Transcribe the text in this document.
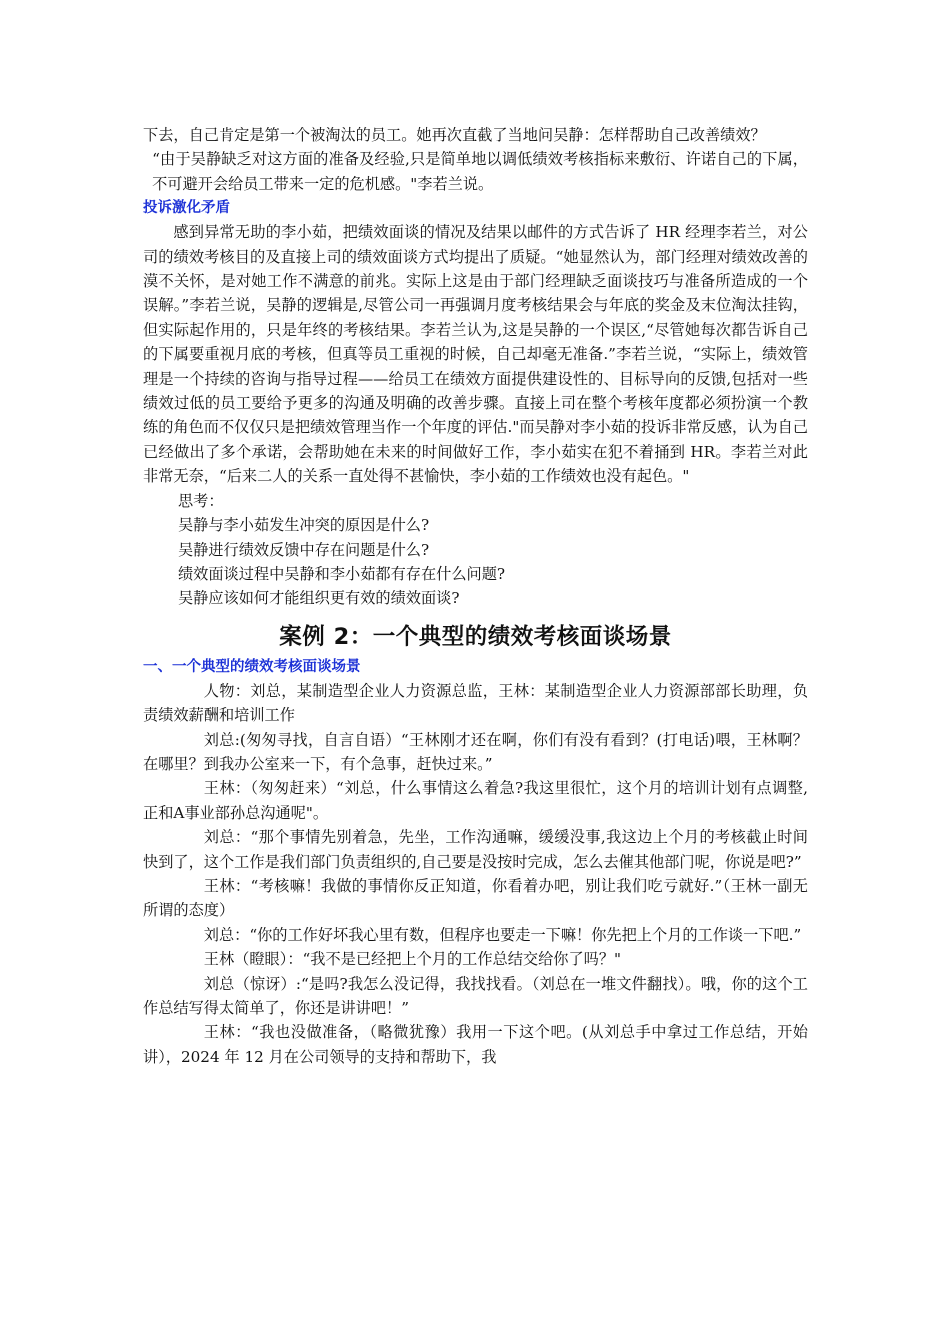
下去，自己肯定是第一个被淘汰的员工。她再次直截了当地问吴静：怎样帮助自己改善绩效？

“由于吴静缺乏对这方面的准备及经验,只是简单地以调低绩效考核指标来敷衍、许诺自己的下属，不可避开会给员工带来一定的危机感。"李若兰说。

投诉激化矛盾

感到异常无助的李小茹，把绩效面谈的情况及结果以邮件的方式告诉了 HR 经理李若兰，对公司的绩效考核目的及直接上司的绩效面谈方式均提出了质疑。“她显然认为，部门经理对绩效改善的漠不关怀，是对她工作不满意的前兆。实际上这是由于部门经理缺乏面谈技巧与准备所造成的一个误解。”李若兰说，吴静的逻辑是,尽管公司一再强调月度考核结果会与年底的奖金及末位淘汰挂钩，但实际起作用的，只是年终的考核结果。李若兰认为,这是吴静的一个误区,“尽管她每次都告诉自己的下属要重视月底的考核，但真等员工重视的时候，自己却毫无准备.”李若兰说，“实际上，绩效管理是一个持续的咨询与指导过程——给员工在绩效方面提供建设性的、目标导向的反馈,包括对一些绩效过低的员工要给予更多的沟通及明确的改善步骤。直接上司在整个考核年度都必须扮演一个教练的角色而不仅仅只是把绩效管理当作一个年度的评估."而吴静对李小茹的投诉非常反感，认为自己已经做出了多个承诺，会帮助她在未来的时间做好工作，李小茹实在犯不着捅到 HR。李若兰对此非常无奈，“后来二人的关系一直处得不甚愉快，李小茹的工作绩效也没有起色。"

思考：

吴静与李小茹发生冲突的原因是什么?

吴静进行绩效反馈中存在问题是什么?

绩效面谈过程中吴静和李小茹都有存在什么问题?

吴静应该如何才能组织更有效的绩效面谈?

案例 2：一个典型的绩效考核面谈场景

一、一个典型的绩效考核面谈场景

人物：刘总，某制造型企业人力资源总监，王林：某制造型企业人力资源部部长助理，负责绩效薪酬和培训工作

刘总:(匆匆寻找，自言自语）“王林刚才还在啊，你们有没有看到？(打电话)喂，王林啊？在哪里？到我办公室来一下，有个急事，赶快过来。”

王林：（匆匆赶来）“刘总，什么事情这么着急?我这里很忙，这个月的培训计划有点调整,正和A事业部孙总沟通呢"。

刘总：“那个事情先别着急，先坐，工作沟通嘛，缓缓没事,我这边上个月的考核截止时间快到了，这个工作是我们部门负责组织的,自己要是没按时完成，怎么去催其他部门呢，你说是吧?”

王林：“考核嘛！我做的事情你反正知道，你看着办吧，别让我们吃亏就好.”（王林一副无所谓的态度）

刘总：“你的工作好坏我心里有数，但程序也要走一下嘛！你先把上个月的工作谈一下吧.”

王林（瞪眼）：“我不是已经把上个月的工作总结交给你了吗？"

刘总（惊讶）:“是吗?我怎么没记得，我找找看。（刘总在一堆文件翻找）。哦，你的这个工作总结写得太简单了，你还是讲讲吧！”

王林：“我也没做准备，（略微犹豫）我用一下这个吧。(从刘总手中拿过工作总结，开始讲），2024 年 12 月在公司领导的支持和帮助下，我
